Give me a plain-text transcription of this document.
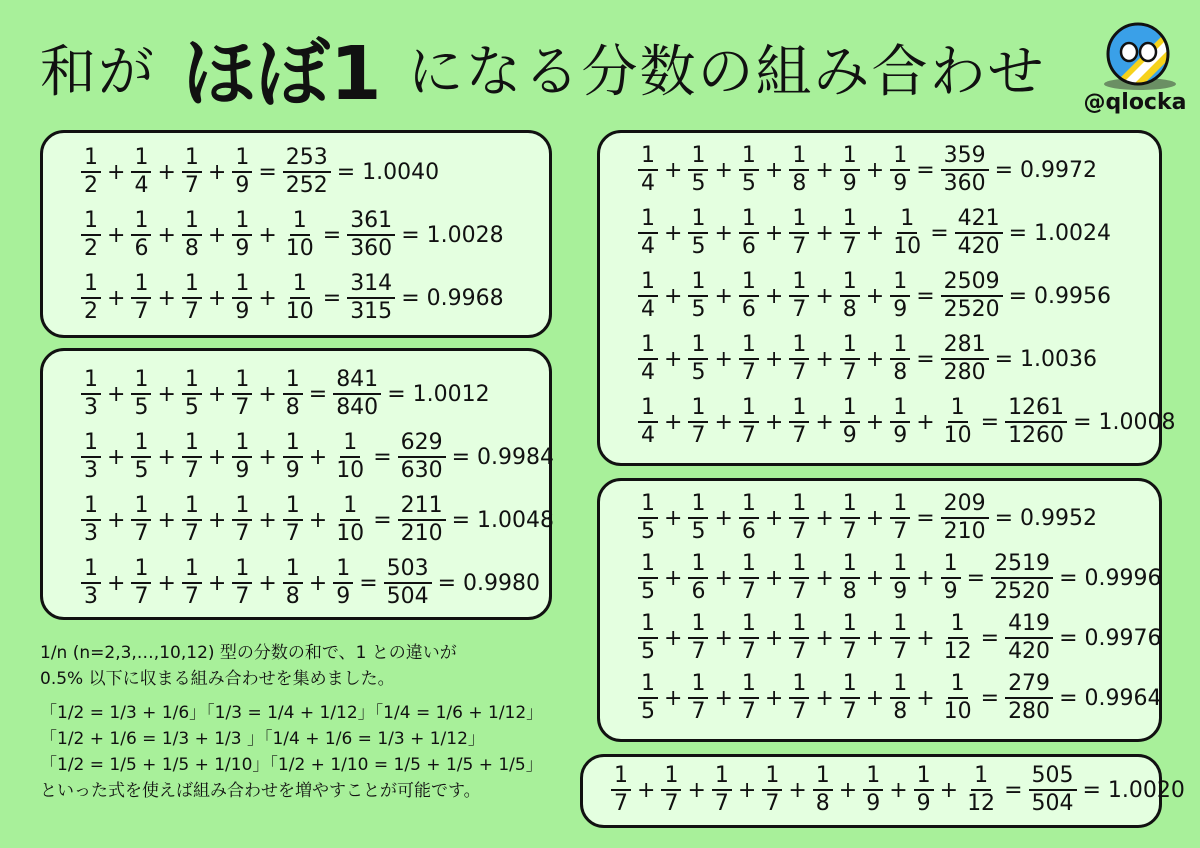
和が ほぼ1 になる分数の組み合わせ @qlocka
$\frac{1}{2} + \frac{1}{4} + \frac{1}{7} + \frac{1}{9} = \frac{253}{252} = 1.0040$
$\frac{1}{2} + \frac{1}{6} + \frac{1}{8} + \frac{1}{9} + \frac{1}{10} = \frac{361}{360} = 1.0028$
$\frac{1}{2} + \frac{1}{7} + \frac{1}{7} + \frac{1}{9} + \frac{1}{10} = \frac{314}{315} = 0.9968$
$\frac{1}{3} + \frac{1}{5} + \frac{1}{5} + \frac{1}{7} + \frac{1}{8} = \frac{841}{840} = 1.0012$
$\frac{1}{3} + \frac{1}{5} + \frac{1}{7} + \frac{1}{9} + \frac{1}{9} + \frac{1}{10} = \frac{629}{630} = 0.9984$
$\frac{1}{3} + \frac{1}{7} + \frac{1}{7} + \frac{1}{7} + \frac{1}{7} + \frac{1}{10} = \frac{211}{210} = 1.0048$
$\frac{1}{3} + \frac{1}{7} + \frac{1}{7} + \frac{1}{7} + \frac{1}{8} + \frac{1}{9} = \frac{503}{504} = 0.9980$
$\frac{1}{4} + \frac{1}{5} + \frac{1}{5} + \frac{1}{8} + \frac{1}{9} + \frac{1}{9} = \frac{359}{360} = 0.9972$
$\frac{1}{4} + \frac{1}{5} + \frac{1}{6} + \frac{1}{7} + \frac{1}{7} + \frac{1}{10} = \frac{421}{420} = 1.0024$
$\frac{1}{4} + \frac{1}{5} + \frac{1}{6} + \frac{1}{7} + \frac{1}{8} + \frac{1}{9} = \frac{2509}{2520} = 0.9956$
$\frac{1}{4} + \frac{1}{5} + \frac{1}{7} + \frac{1}{7} + \frac{1}{7} + \frac{1}{8} = \frac{281}{280} = 1.0036$
$\frac{1}{4} + \frac{1}{7} + \frac{1}{7} + \frac{1}{7} + \frac{1}{9} + \frac{1}{9} + \frac{1}{10} = \frac{1261}{1260} = 1.0008$
$\frac{1}{5} + \frac{1}{5} + \frac{1}{6} + \frac{1}{7} + \frac{1}{7} + \frac{1}{7} = \frac{209}{210} = 0.9952$
$\frac{1}{5} + \frac{1}{6} + \frac{1}{7} + \frac{1}{7} + \frac{1}{8} + \frac{1}{9} + \frac{1}{9} = \frac{2519}{2520} = 0.9996$
$\frac{1}{5} + \frac{1}{7} + \frac{1}{7} + \frac{1}{7} + \frac{1}{7} + \frac{1}{7} + \frac{1}{12} = \frac{419}{420} = 0.9976$
$\frac{1}{5} + \frac{1}{7} + \frac{1}{7} + \frac{1}{7} + \frac{1}{7} + \frac{1}{8} + \frac{1}{10} = \frac{279}{280} = 0.9964$
$\frac{1}{7} + \frac{1}{7} + \frac{1}{7} + \frac{1}{7} + \frac{1}{8} + \frac{1}{9} + \frac{1}{9} + \frac{1}{12} = \frac{505}{504} = 1.0020$

1/n (n=2,3,…,10,12) 型の分数の和で、1 との違いが

0.5% 以下に収まる組み合わせを集めました。

「1/2 = 1/3 + 1/6」「1/3 = 1/4 + 1/12」「1/4 = 1/6 + 1/12」

「1/2 + 1/6 = 1/3 + 1/3 」「1/4 + 1/6 = 1/3 + 1/12」

「1/2 = 1/5 + 1/5 + 1/10」「1/2 + 1/10 = 1/5 + 1/5 + 1/5」

といった式を使えば組み合わせを増やすことが可能です。
